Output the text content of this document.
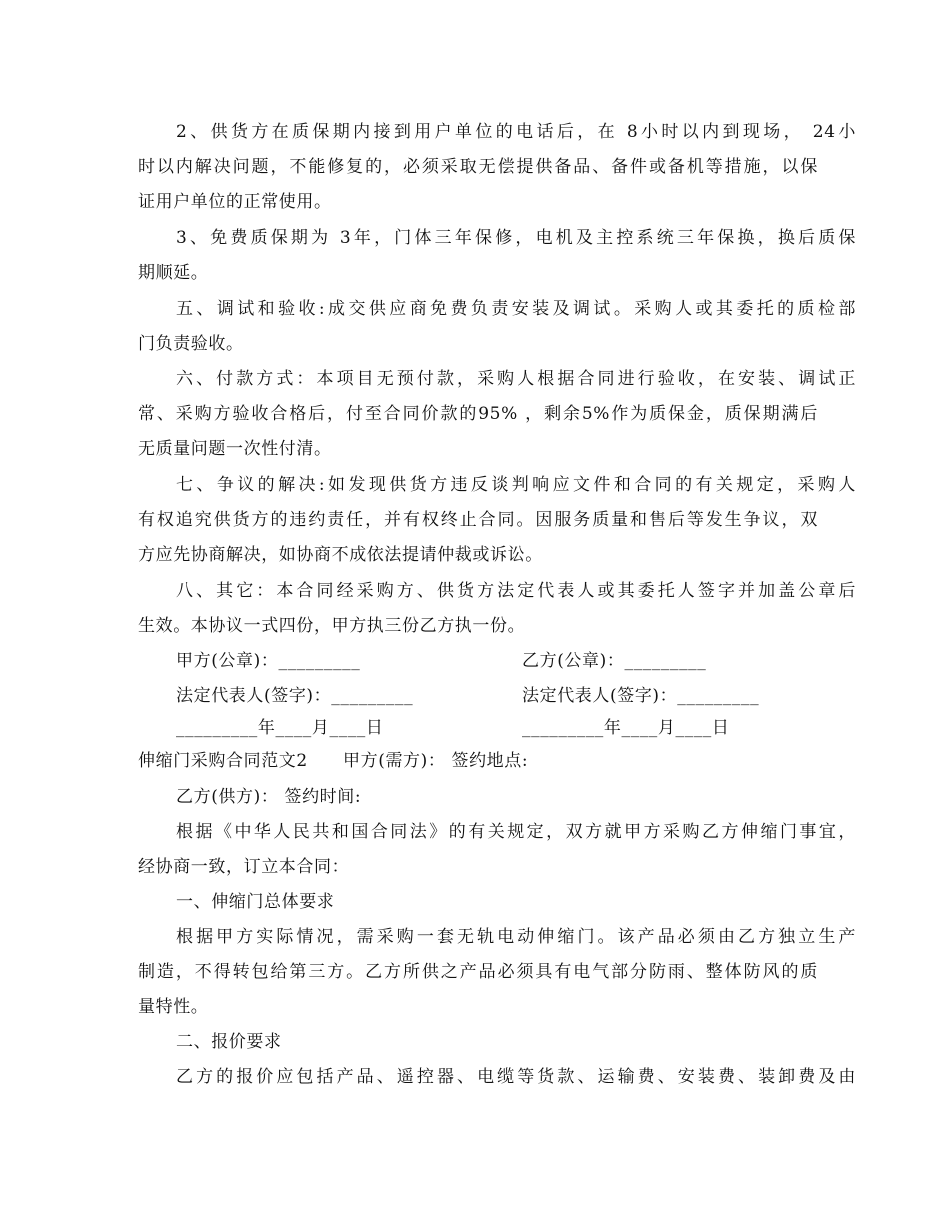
2、供货方在质保期内接到用户单位的电话后，在 8小时以内到现场， 24小
时以内解决问题，不能修复的，必须采取无偿提供备品、备件或备机等措施，以保
证用户单位的正常使用。
3、免费质保期为 3年，门体三年保修，电机及主控系统三年保换，换后质保
期顺延。
五、调试和验收:成交供应商免费负责安装及调试。采购人或其委托的质检部
门负责验收。
六、付款方式：本项目无预付款，采购人根据合同进行验收，在安装、调试正
常、采购方验收合格后，付至合同价款的95% ，剩余5%作为质保金，质保期满后
无质量问题一次性付清。
七、争议的解决:如发现供货方违反谈判响应文件和合同的有关规定，采购人
有权追究供货方的违约责任，并有权终止合同。因服务质量和售后等发生争议，双
方应先协商解决，如协商不成依法提请仲裁或诉讼。
八、其它：本合同经采购方、供货方法定代表人或其委托人签字并加盖公章后
生效。本协议一式四份，甲方执三份乙方执一份。
甲方(公章)：_________	乙方(公章)：_________
法定代表人(签字)：_________	法定代表人(签字)：_________
_________年____月____日	_________年____月____日
伸缩门采购合同范文2　　甲方(需方)： 签约地点:
乙方(供方)： 签约时间:
根据《中华人民共和国合同法》的有关规定，双方就甲方采购乙方伸缩门事宜，
经协商一致，订立本合同：
一、伸缩门总体要求
根据甲方实际情况，需采购一套无轨电动伸缩门。该产品必须由乙方独立生产
制造，不得转包给第三方。乙方所供之产品必须具有电气部分防雨、整体防风的质
量特性。
二、报价要求
乙方的报价应包括产品、遥控器、电缆等货款、运输费、安装费、装卸费及由
